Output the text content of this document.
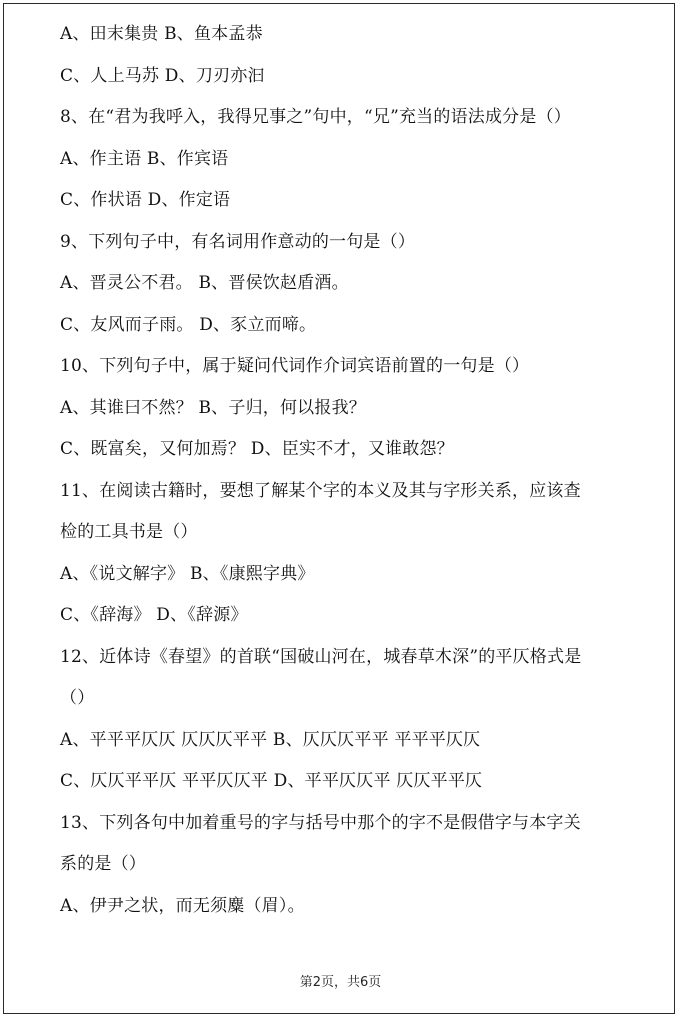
A、田末集贵 B、鱼本孟恭
C、人上马苏 D、刀刃亦汩
8、在“君为我呼入，我得兄事之”句中，“兄”充当的语法成分是（）
A、作主语 B、作宾语
C、作状语 D、作定语
9、下列句子中，有名词用作意动的一句是（）
A、晋灵公不君。 B、晋侯饮赵盾酒。
C、友风而子雨。 D、豕立而啼。
10、下列句子中，属于疑问代词作介词宾语前置的一句是（）
A、其谁曰不然？ B、子归，何以报我？
C、既富矣，又何加焉？ D、臣实不才，又谁敢怨？
11、在阅读古籍时，要想了解某个字的本义及其与字形关系，应该查
检的工具书是（）
A、《说文解字》 B、《康熙字典》
C、《辞海》 D、《辞源》
12、近体诗《春望》的首联“国破山河在，城春草木深”的平仄格式是
（）
A、平平平仄仄 仄仄仄平平 B、仄仄仄平平 平平平仄仄
C、仄仄平平仄 平平仄仄平 D、平平仄仄平 仄仄平平仄
13、下列各句中加着重号的字与括号中那个的字不是假借字与本字关
系的是（）
A、伊尹之状，而无须麋（眉）。
第2页，共6页
